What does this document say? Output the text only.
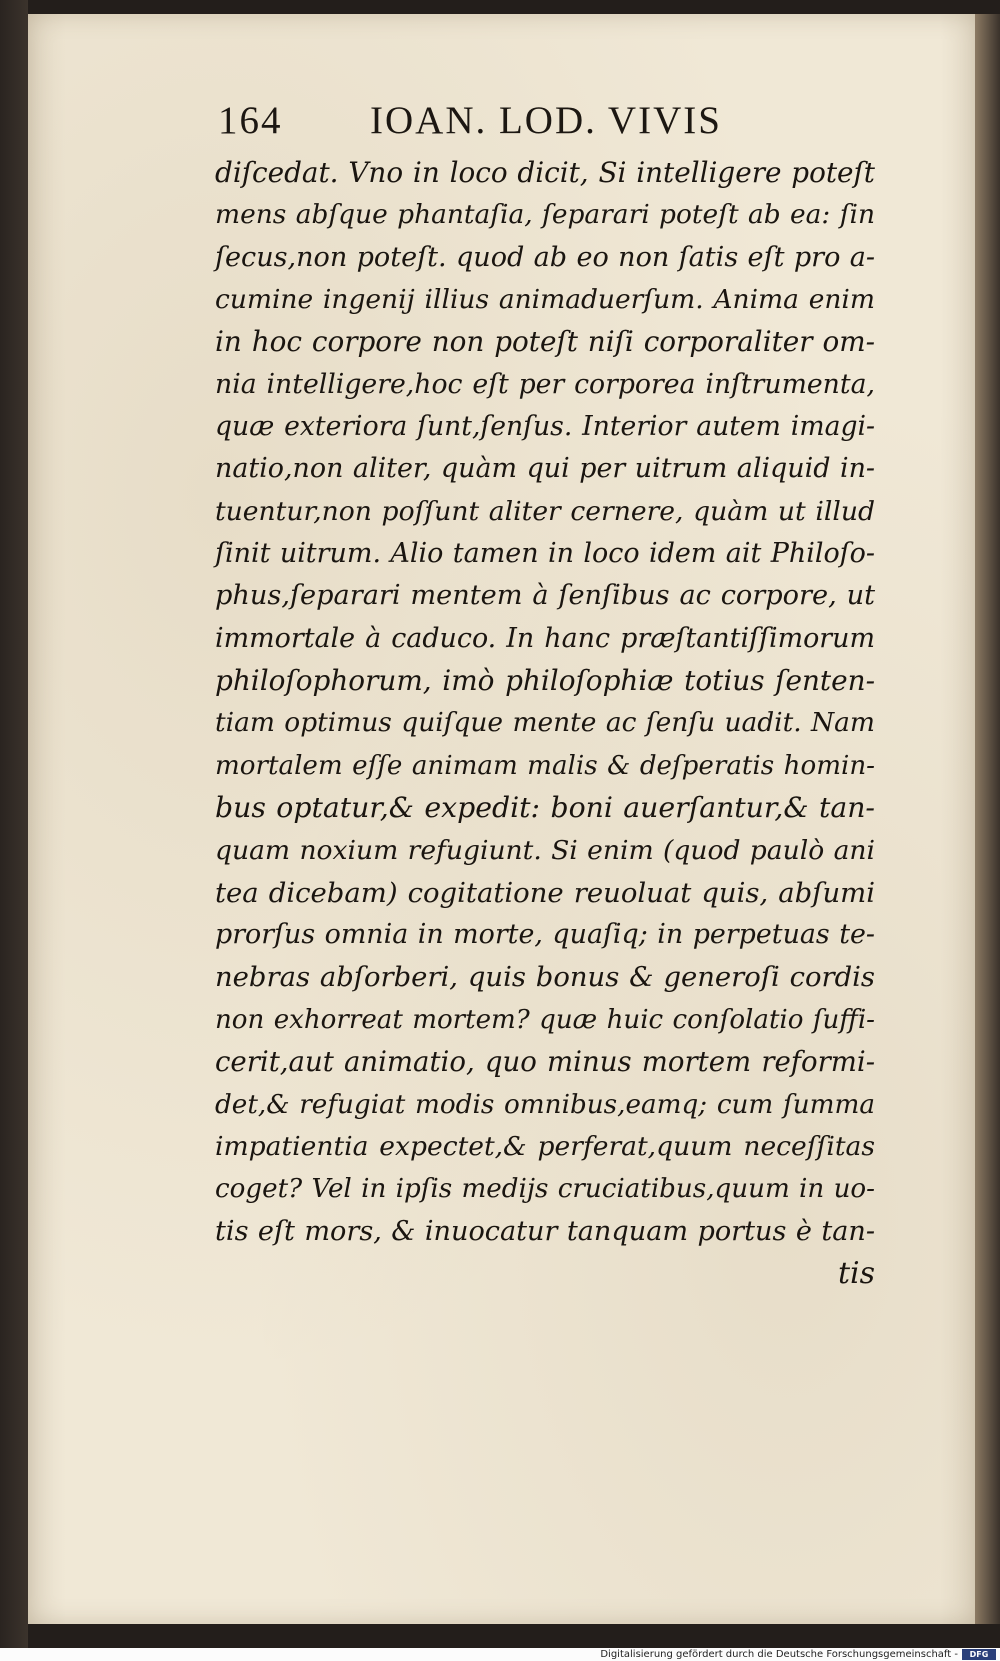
164 IOAN. LOD. VIVIS
diſcedat. Vno in loco dicit, Si intelligere poteſt
mens abſque phantaſia, ſeparari poteſt ab ea: ſin
ſecus,non poteſt. quod ab eo non ſatis eſt pro a-
cumine ingenij illius animaduerſum. Anima enim
in hoc corpore non poteſt niſi corporaliter om-
nia intelligere,hoc eſt per corporea inſtrumenta,
quæ exteriora ſunt,ſenſus. Interior autem imagi-
natio,non aliter, quàm qui per uitrum aliquid in-
tuentur,non poſſunt aliter cernere, quàm ut illud
ſinit uitrum. Alio tamen in loco idem ait Philoſo-
phus,ſeparari mentem à ſenſibus ac corpore, ut
immortale à caduco. In hanc præſtantiſſimorum
philoſophorum, imò philoſophiæ totius ſenten-
tiam optimus quiſque mente ac ſenſu uadit. Nam
mortalem eſſe animam malis & deſperatis homin-
bus optatur,& expedit: boni auerſantur,& tan-
quam noxium refugiunt. Si enim (quod paulò ani
tea dicebam) cogitatione reuoluat quis, abſumi
prorſus omnia in morte, quaſiq; in perpetuas te-
nebras abſorberi, quis bonus & generoſi cordis
non exhorreat mortem? quæ huic conſolatio ſuffi-
cerit,aut animatio, quo minus mortem reformi-
det,& refugiat modis omnibus,eamq; cum ſumma
impatientia expectet,& perferat,quum neceſſitas
coget? Vel in ipſis medijs cruciatibus,quum in uo-
tis eſt mors, & inuocatur tanquam portus è tan-
tis
Digitalisierung gefördert durch die Deutsche Forschungsgemeinschaft -	DFG
